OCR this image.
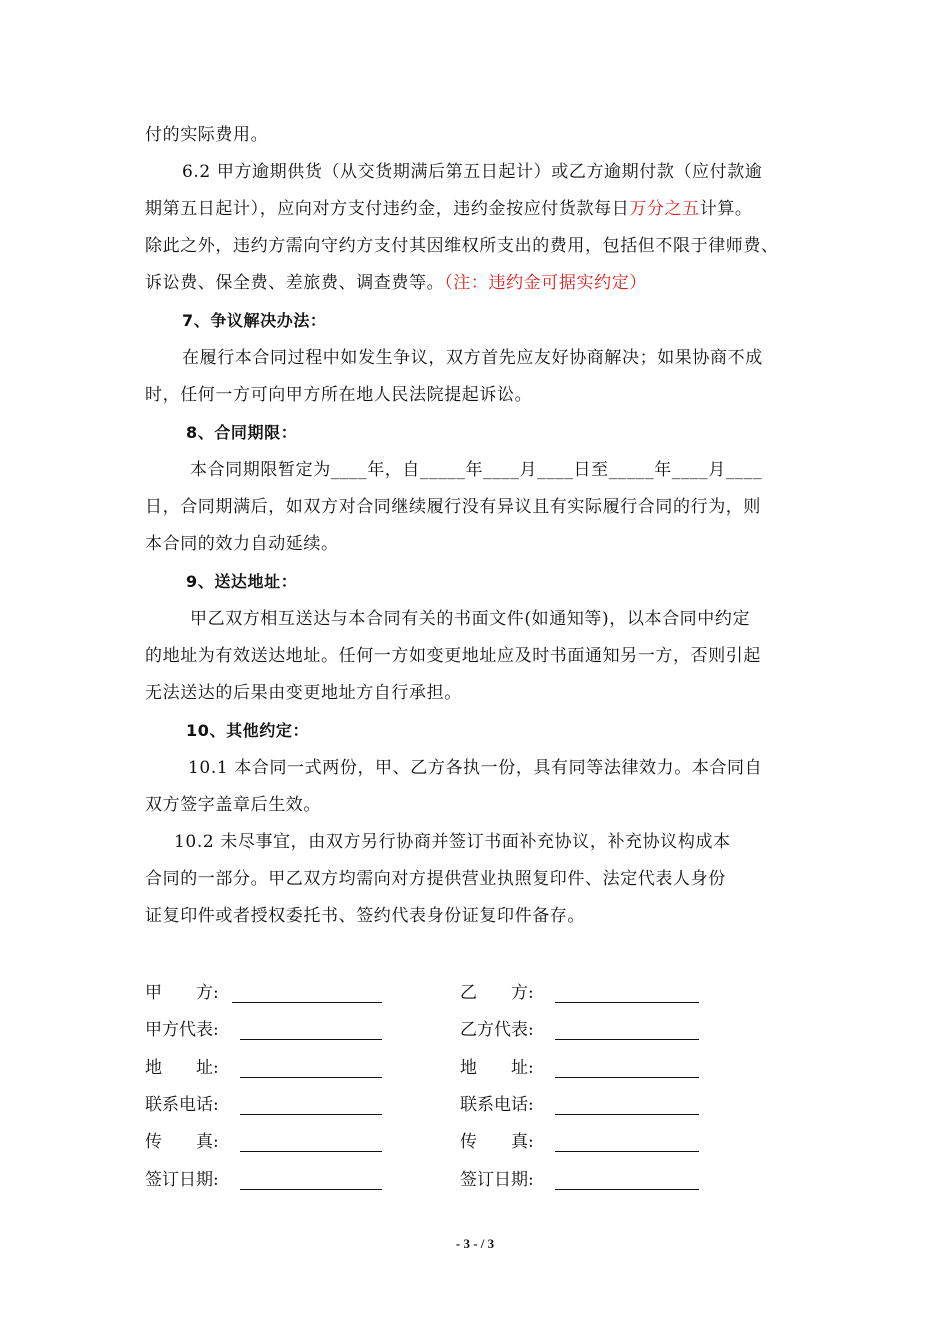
付的实际费用。
6.2 甲方逾期供货（从交货期满后第五日起计）或乙方逾期付款（应付款逾
期第五日起计），应向对方支付违约金，违约金按应付货款每日万分之五计算。
除此之外，违约方需向守约方支付其因维权所支出的费用，包括但不限于律师费、
诉讼费、保全费、差旅费、调查费等。（注：违约金可据实约定）
7、争议解决办法：
在履行本合同过程中如发生争议，双方首先应友好协商解决；如果协商不成
时，任何一方可向甲方所在地人民法院提起诉讼。
8、合同期限：
本合同期限暂定为____年，自_____年____月____日至_____年____月____
日，合同期满后，如双方对合同继续履行没有异议且有实际履行合同的行为，则
本合同的效力自动延续。
9、送达地址：
甲乙双方相互送达与本合同有关的书面文件(如通知等)，以本合同中约定
的地址为有效送达地址。任何一方如变更地址应及时书面通知另一方，否则引起
无法送达的后果由变更地址方自行承担。
10、其他约定：
10.1 本合同一式两份，甲、乙方各执一份，具有同等法律效力。本合同自
双方签字盖章后生效。
10.2 未尽事宜，由双方另行协商并签订书面补充协议，补充协议构成本
合同的一部分。甲乙双方均需向对方提供营业执照复印件、法定代表人身份
证复印件或者授权委托书、签约代表身份证复印件备存。
甲　　方:
甲方代表:
地　　址:
联系电话:
传　　真:
签订日期:
乙　　方:
乙方代表:
地　　址:
联系电话:
传　　真:
签订日期:
- 3 - / 3
